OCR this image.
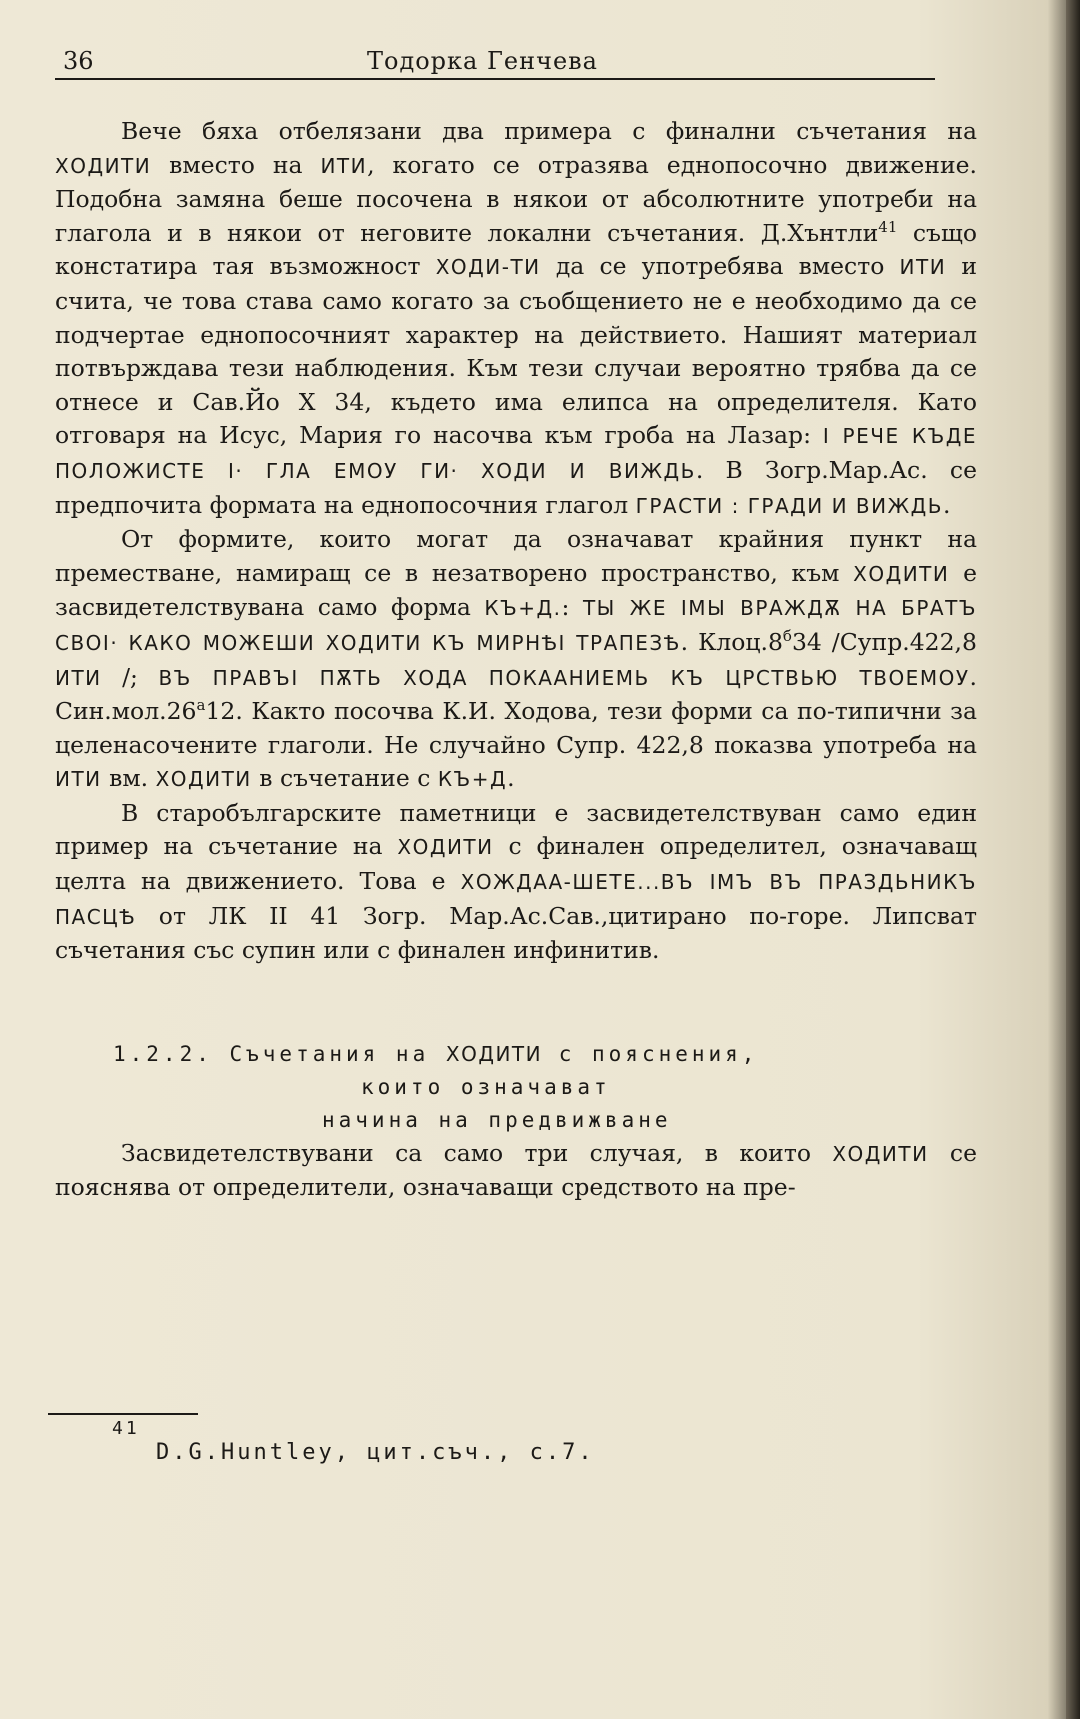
36	Тодорка Генчева

Вече бяха отбелязани два примера с финални съчетания на ХОДИТИ вместо на ИТИ, когато се отразява еднопосочно движение. Подобна замяна беше посочена в някои от абсолютните употреби на глагола и в някои от неговите локални съчетания. Д.Хънтли$^{41}$ също констатира тая възможност ХОДИ-ТИ да се употребява вместо ИТИ и счита, че това става само когато за съобщението не е необходимо да се подчертае еднопосочният характер на действието. Нашият материал потвърждава тези наблюдения. Към тези случаи вероятно трябва да се отнесе и Сав.Йо X 34, където има елипса на определителя. Като отговаря на Исус, Мария го насочва към гроба на Лазар: І РЕЧЕ КЪДЕ ПОЛОЖИСТЕ І· ГЛА ЕМОУ ГИ· ХОДИ И ВИЖДЬ. В Зогр.Мар.Ас. се предпочита формата на еднопосочния глагол ГРАСТИ : ГРАДИ И ВИЖДЬ.

От формите, които могат да означават крайния пункт на преместване, намиращ се в незатворено пространство, към ХОДИТИ е засвидетелствувана само форма КЪ+Д.: ТЫ ЖЕ ІМЫ ВРАЖДѪ НА БРАТЪ СВОІ· КАКО МОЖЕШИ ХОДИТИ КЪ МИРНѢІ ТРАПЕЗѢ. $Клоц.8^б34$ /Супр.422,8 ИТИ /; ВЪ ПРАВЪІ ПѪТЬ ХОДА ПОКААНИЕМЬ КЪ ЦРСТВЬЮ ТВОЕМОУ. $Син.мол.26^а12$. Както посочва К.И. Ходова, тези форми са по-типични за целенасочените глаголи. Не случайно Супр. 422,8 показва употреба на ИТИ вм. ХОДИТИ в съчетание с КЪ+Д.

В старобългарските паметници е засвидетелствуван само един пример на съчетание на ХОДИТИ с финален определител, означаващ целта на движението. Това е ХОЖДАА-ШЕТЕ...ВЪ ІМЪ ВЪ ПРАЗДЬНИКЪ ПАСЦѢ от ЛК II 41 Зогр. Мар.Ас.Сав.,цитирано по-горе. Липсват съчетания със супин или с финален инфинитив.

1.2.2. Съчетания на ХОДИТИ с пояснения,
които означават
начина на предвижване

Засвидетелствувани са само три случая, в които ХОДИТИ се пояснява от определители, означаващи средството на пре-

41
D.G.Huntley, цит.съч., с.7.
